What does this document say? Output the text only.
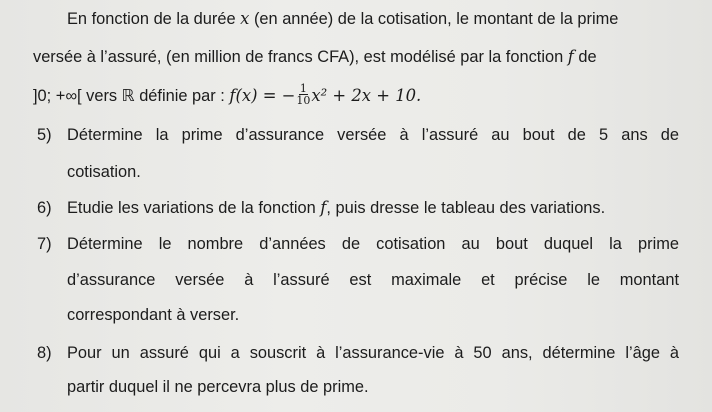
En fonction de la durée x (en année) de la cotisation, le montant de la prime
versée à l’assuré, (en million de francs CFA), est modélisé par la fonction f de
]0; +∞[ vers ℝ définie par : f(x) = − $\frac{1}{10} x^2 + 2x + 10$.
5) Détermine la prime d’assurance versée à l’assuré au bout de 5 ans de
cotisation.
6) Etudie les variations de la fonction f, puis dresse le tableau des variations.
7) Détermine le nombre d’années de cotisation au bout duquel la prime
d’assurance versée à l’assuré est maximale et précise le montant
correspondant à verser.
8) Pour un assuré qui a souscrit à l’assurance-vie à 50 ans, détermine l’âge à
partir duquel il ne percevra plus de prime.
